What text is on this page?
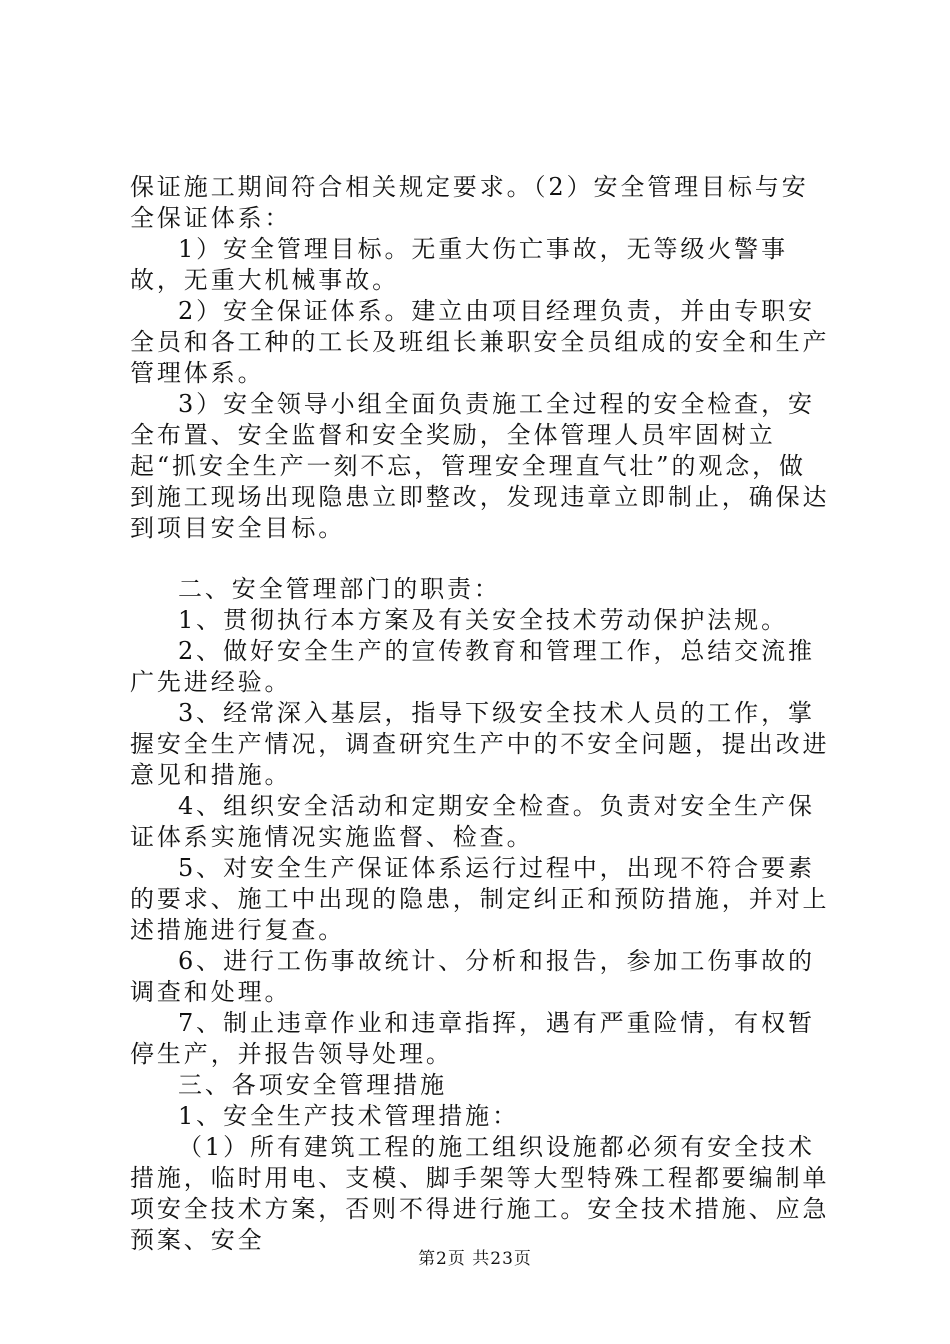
保证施工期间符合相关规定要求。（2）安全管理目标与安全保证体系：

1）安全管理目标。无重大伤亡事故，无等级火警事故，无重大机械事故。

2）安全保证体系。建立由项目经理负责，并由专职安全员和各工种的工长及班组长兼职安全员组成的安全和生产管理体系。

3）安全领导小组全面负责施工全过程的安全检查，安全布置、安全监督和安全奖励，全体管理人员牢固树立起“抓安全生产一刻不忘，管理安全理直气壮”的观念，做到施工现场出现隐患立即整改，发现违章立即制止，确保达到项目安全目标。

二、安全管理部门的职责：

1、贯彻执行本方案及有关安全技术劳动保护法规。

2、做好安全生产的宣传教育和管理工作，总结交流推广先进经验。

3、经常深入基层，指导下级安全技术人员的工作，掌握安全生产情况，调查研究生产中的不安全问题，提出改进意见和措施。

4、组织安全活动和定期安全检查。负责对安全生产保证体系实施情况实施监督、检查。

5、对安全生产保证体系运行过程中，出现不符合要素的要求、施工中出现的隐患，制定纠正和预防措施，并对上述措施进行复查。

6、进行工伤事故统计、分析和报告，参加工伤事故的调查和处理。

7、制止违章作业和违章指挥，遇有严重险情，有权暂停生产，并报告领导处理。

三、各项安全管理措施

1、安全生产技术管理措施：

（1）所有建筑工程的施工组织设施都必须有安全技术措施，临时用电、支模、脚手架等大型特殊工程都要编制单项安全技术方案，否则不得进行施工。安全技术措施、应急预案、安全

第2页 共23页
